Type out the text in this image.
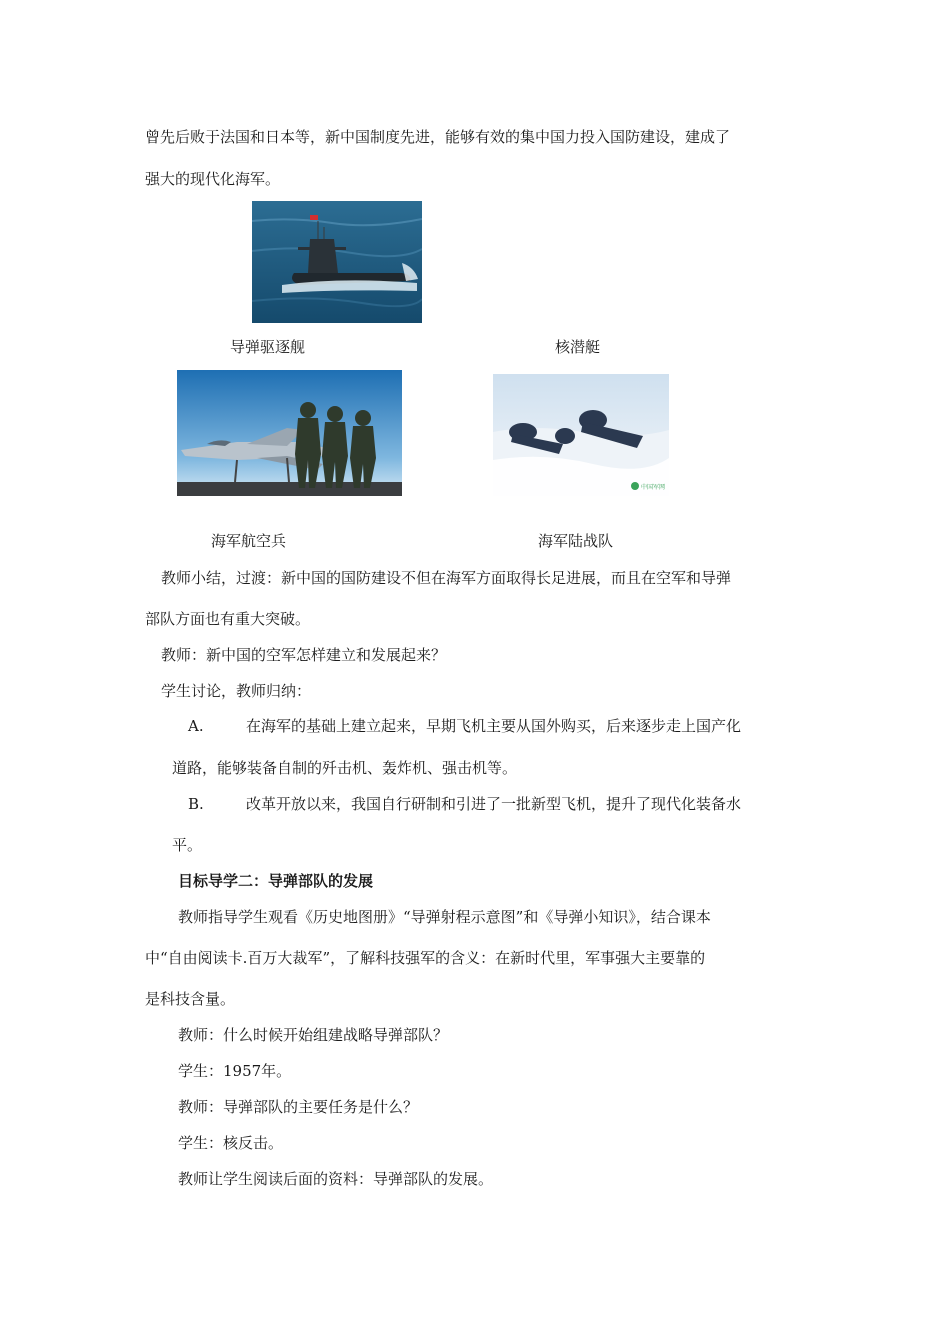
曾先后败于法国和日本等，新中国制度先进，能够有效的集中国力投入国防建设，建成了
强大的现代化海军。
导弹驱逐舰	核潜艇
中国军网
海军航空兵	海军陆战队
教师小结，过渡：新中国的国防建设不但在海军方面取得长足进展，而且在空军和导弹
部队方面也有重大突破。
教师：新中国的空军怎样建立和发展起来？
学生讨论，教师归纳：
A.	在海军的基础上建立起来，早期飞机主要从国外购买，后来逐步走上国产化
道路，能够装备自制的歼击机、轰炸机、强击机等。
B.	改革开放以来，我国自行研制和引进了一批新型飞机，提升了现代化装备水
平。
目标导学二：导弹部队的发展
教师指导学生观看《历史地图册》“导弹射程示意图”和《导弹小知识》，结合课本
中“自由阅读卡.百万大裁军”，了解科技强军的含义：在新时代里，军事强大主要靠的
是科技含量。
教师：什么时候开始组建战略导弹部队？
学生：1957年。
教师：导弹部队的主要任务是什么？
学生：核反击。
教师让学生阅读后面的资料：导弹部队的发展。
